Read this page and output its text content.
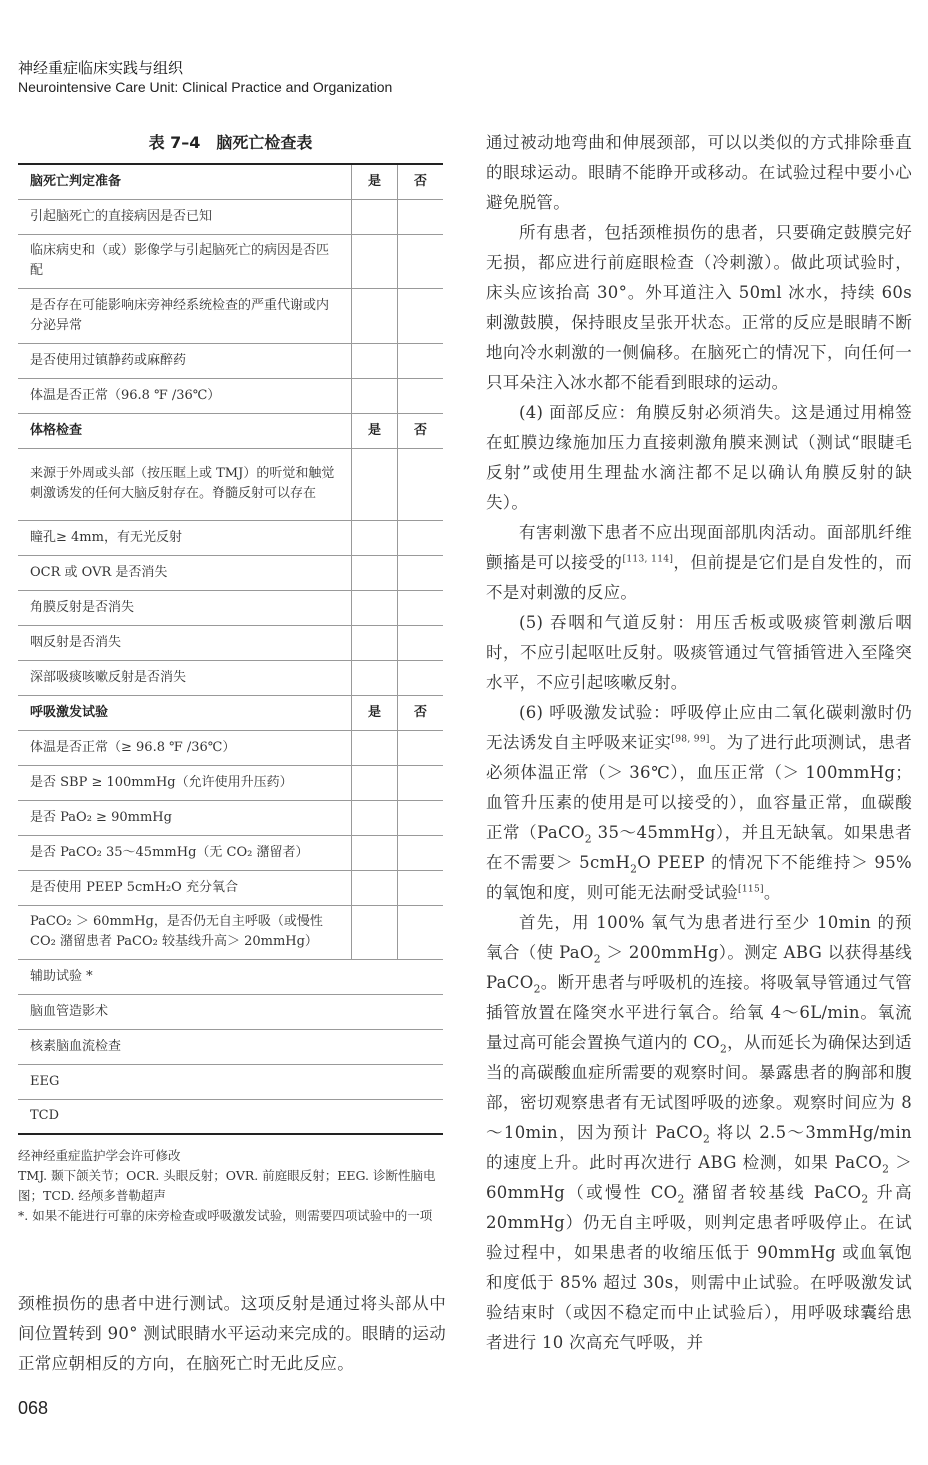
神经重症临床实践与组织
Neurointensive Care Unit: Clinical Practice and Organization
表 7–4　脑死亡检查表
脑死亡判定准备	是	否
引起脑死亡的直接病因是否已知		
临床病史和（或）影像学与引起脑死亡的病因是否匹配		
是否存在可能影响床旁神经系统检查的严重代谢或内分泌异常		
是否使用过镇静药或麻醉药		
体温是否正常（96.8 ℉ /36℃）		
体格检查	是	否
来源于外周或头部（按压眶上或 TMJ）的听觉和触觉刺激诱发的任何大脑反射存在。脊髓反射可以存在		
瞳孔≥ 4mm，有无光反射		
OCR 或 OVR 是否消失		
角膜反射是否消失		
咽反射是否消失		
深部吸痰咳嗽反射是否消失		
呼吸激发试验	是	否
体温是否正常（≥ 96.8 ℉ /36℃）		
是否 SBP ≥ 100mmHg（允许使用升压药）		
是否 PaO₂ ≥ 90mmHg		
是否 PaCO₂ 35～45mmHg（无 CO₂ 潴留者）		
是否使用 PEEP 5cmH₂O 充分氧合		
PaCO₂ ＞ 60mmHg，是否仍无自主呼吸（或慢性 CO₂ 潴留患者 PaCO₂ 较基线升高＞ 20mmHg）		
辅助试验 *		
脑血管造影术		
核素脑血流检查		
EEG		
TCD		

经神经重症监护学会许可修改

TMJ. 颞下颌关节；OCR. 头眼反射；OVR. 前庭眼反射；EEG. 诊断性脑电图；TCD. 经颅多普勒超声

*. 如果不能进行可靠的床旁检查或呼吸激发试验，则需要四项试验中的一项

颈椎损伤的患者中进行测试。这项反射是通过将头部从中间位置转到 90° 测试眼睛水平运动来完成的。眼睛的运动正常应朝相反的方向，在脑死亡时无此反应。

通过被动地弯曲和伸展颈部，可以以类似的方式排除垂直的眼球运动。眼睛不能睁开或移动。在试验过程中要小心避免脱管。

所有患者，包括颈椎损伤的患者，只要确定鼓膜完好无损，都应进行前庭眼检查（冷刺激）。做此项试验时，床头应该抬高 30°。外耳道注入 50ml 冰水，持续 60s 刺激鼓膜，保持眼皮呈张开状态。正常的反应是眼睛不断地向冷水刺激的一侧偏移。在脑死亡的情况下，向任何一只耳朵注入冰水都不能看到眼球的运动。

(4) 面部反应：角膜反射必须消失。这是通过用棉签在虹膜边缘施加压力直接刺激角膜来测试（测试“眼睫毛反射”或使用生理盐水滴注都不足以确认角膜反射的缺失）。

有害刺激下患者不应出现面部肌肉活动。面部肌纤维颤搐是可以接受的[113, 114]，但前提是它们是自发性的，而不是对刺激的反应。

(5) 吞咽和气道反射：用压舌板或吸痰管刺激后咽时，不应引起呕吐反射。吸痰管通过气管插管进入至隆突水平，不应引起咳嗽反射。

(6) 呼吸激发试验：呼吸停止应由二氧化碳刺激时仍无法诱发自主呼吸来证实[98, 99]。为了进行此项测试，患者必须体温正常（＞ 36℃），血压正常（＞ 100mmHg；血管升压素的使用是可以接受的），血容量正常，血碳酸正常（PaCO$_2$ 35～45mmHg），并且无缺氧。如果患者在不需要＞ 5cmH$_2$O PEEP 的情况下不能维持＞ 95% 的氧饱和度，则可能无法耐受试验[115]。

首先，用 100% 氧气为患者进行至少 10min 的预氧合（使 PaO$_2$ ＞ 200mmHg）。测定 ABG 以获得基线 PaCO$_2$。断开患者与呼吸机的连接。将吸氧导管通过气管插管放置在隆突水平进行氧合。给氧 4～6L/min。氧流量过高可能会置换气道内的 $CO_2$，从而延长为确保达到适当的高碳酸血症所需要的观察时间。暴露患者的胸部和腹部，密切观察患者有无试图呼吸的迹象。观察时间应为 8～10min，因为预计 PaCO$_2$ 将以 2.5～3mmHg/min 的速度上升。此时再次进行 ABG 检测，如果 PaCO$_2$ ＞ 60mmHg（或慢性 $CO_2$ 潴留者较基线 PaCO$_2$ 升高 20mmHg）仍无自主呼吸，则判定患者呼吸停止。在试验过程中，如果患者的收缩压低于 90mmHg 或血氧饱和度低于 85% 超过 30s，则需中止试验。在呼吸激发试验结束时（或因不稳定而中止试验后），用呼吸球囊给患者进行 10 次高充气呼吸，并

068
